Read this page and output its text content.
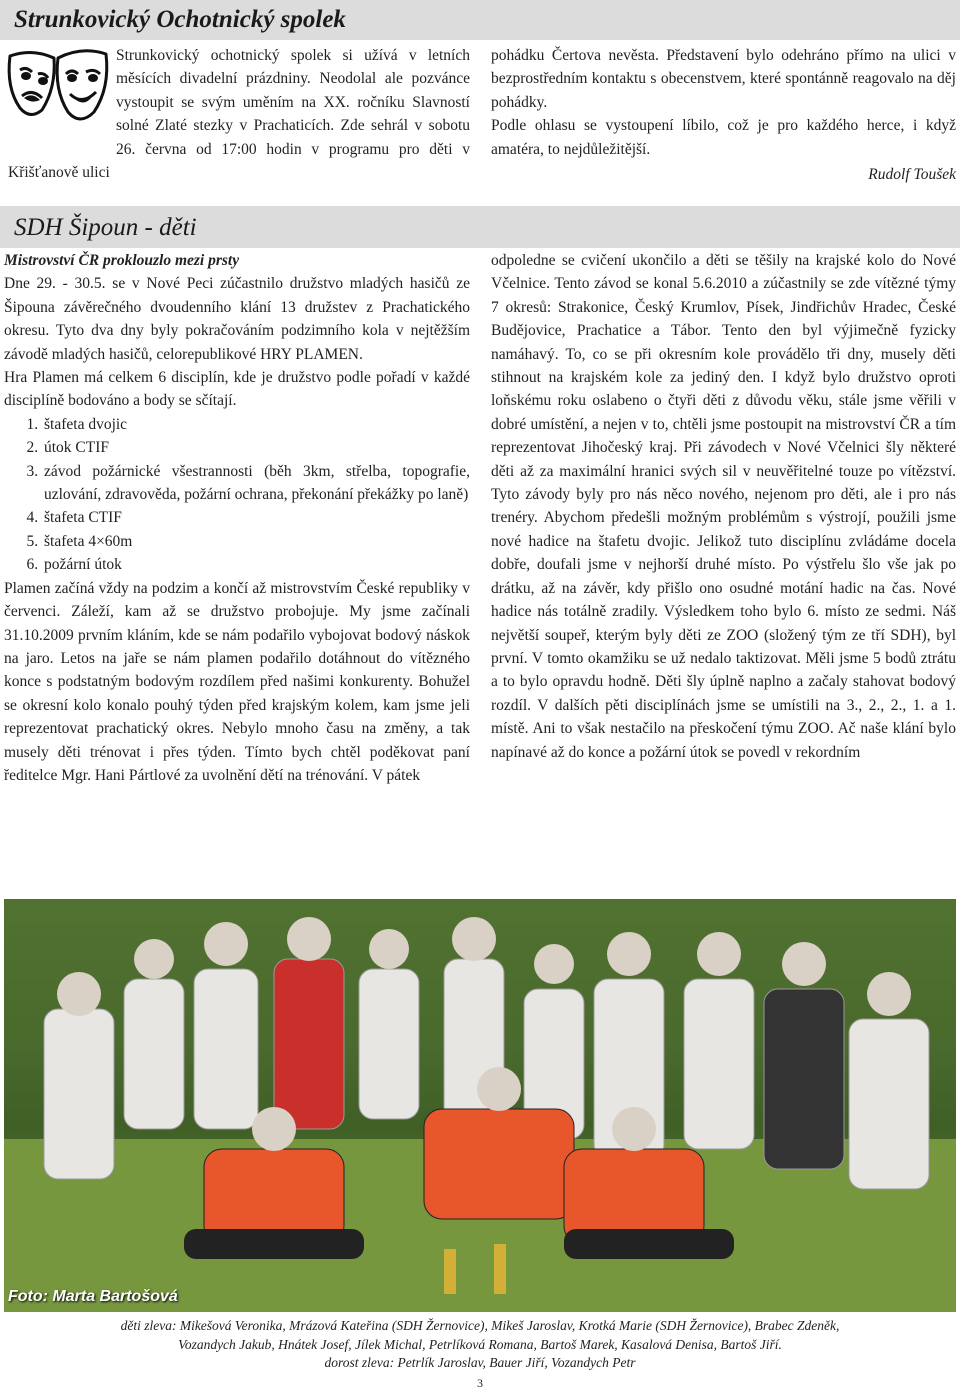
Strunkovický Ochotnický spolek
Strunkovický ochotnický spolek si užívá v letních měsících divadelní prázdniny. Neodolal ale pozvánce vystoupit se svým uměním na XX. ročníku Slavností solné Zlaté stezky v Prachaticích. Zde sehrál v sobotu 26. června od 17:00 hodin v programu pro děti v Křišťanově ulici

pohádku Čertova nevěsta. Představení bylo odehráno přímo na ulici v bezprostředním kontaktu s obecenstvem, které spontánně reagovalo na děj pohádky.

Podle ohlasu se vystoupení líbilo, což je pro každého herce, i když amatéra, to nejdůležitější.

Rudolf Toušek

SDH Šipoun - děti

Mistrovství ČR proklouzlo mezi prsty

Dne 29. - 30.5. se v Nové Peci zúčastnilo družstvo mladých hasičů ze Šipouna závěrečného dvoudenního klání 13 družstev z Prachatického okresu. Tyto dva dny byly pokračováním podzimního kola v nejtěžším závodě mladých hasičů, celorepublikové HRY PLAMEN.

Hra Plamen má celkem 6 disciplín, kde je družstvo podle pořadí v každé disciplíně bodováno a body se sčítají.

1. štafeta dvojic
2. útok CTIF
3. závod požárnické všestrannosti (běh 3km, střelba, topografie, uzlování, zdravověda, požární ochrana, překonání překážky po laně)
4. štafeta CTIF
5. štafeta 4×60m
6. požární útok

Plamen začíná vždy na podzim a končí až mistrovstvím České republiky v červenci. Záleží, kam až se družstvo probojuje. My jsme začínali 31.10.2009 prvním kláním, kde se nám podařilo vybojovat bodový náskok na jaro. Letos na jaře se nám plamen podařilo dotáhnout do vítězného konce s podstatným bodovým rozdílem před našimi konkurenty. Bohužel se okresní kolo konalo pouhý týden před krajským kolem, kam jsme jeli reprezentovat prachatický okres. Nebylo mnoho času na změny, a tak musely děti trénovat i přes týden. Tímto bych chtěl poděkovat paní ředitelce Mgr. Hani Pártlové za uvolnění dětí na trénování. V pátek

odpoledne se cvičení ukončilo a děti se těšily na krajské kolo do Nové Včelnice. Tento závod se konal 5.6.2010 a zúčastnily se zde vítězné týmy 7 okresů: Strakonice, Český Krumlov, Písek, Jindřichův Hradec, České Budějovice, Prachatice a Tábor. Tento den byl výjimečně fyzicky namáhavý. To, co se při okresním kole provádělo tři dny, musely děti stihnout na krajském kole za jediný den. I když bylo družstvo oproti loňskému roku oslabeno o čtyři děti z důvodu věku, stále jsme věřili v dobré umístění, a nejen v to, chtěli jsme postoupit na mistrovství ČR a tím reprezentovat Jihočeský kraj. Při závodech v Nové Včelnici šly některé děti až za maximální hranici svých sil v neuvěřitelné touze po vítězství. Tyto závody byly pro nás něco nového, nejenom pro děti, ale i pro nás trenéry. Abychom předešli možným problémům s výstrojí, použili jsme nové hadice na štafetu dvojic. Jelikož tuto disciplínu zvládáme docela dobře, doufali jsme v nejhorší druhé místo. Po výstřelu šlo vše jak po drátku, až na závěr, kdy přišlo ono osudné motání hadic na čas. Nové hadice nás totálně zradily. Výsledkem toho bylo 6. místo ze sedmi. Náš největší soupeř, kterým byly děti ze ZOO (složený tým ze tří SDH), byl první. V tomto okamžiku se už nedalo taktizovat. Měli jsme 5 bodů ztrátu a to bylo opravdu hodně. Děti šly úplně naplno a začaly stahovat bodový rozdíl. V dalších pěti disciplínách jsme se umístili na 3., 2., 2., 1. a 1. místě. Ani to však nestačilo na přeskočení týmu ZOO. Ač naše klání bylo napínavé až do konce a požární útok se povedl v rekordním

Foto: Marta Bartošová
děti zleva: Mikešová Veronika, Mrázová Kateřina (SDH Žernovice), Mikeš Jaroslav, Krotká Marie (SDH Žernovice), Brabec Zdeněk,
Vozandych Jakub, Hnátek Josef, Jílek Michal, Petrlíková Romana, Bartoš Marek, Kasalová Denisa, Bartoš Jiří.
dorost zleva: Petrlík Jaroslav, Bauer Jiří, Vozandych Petr
3
